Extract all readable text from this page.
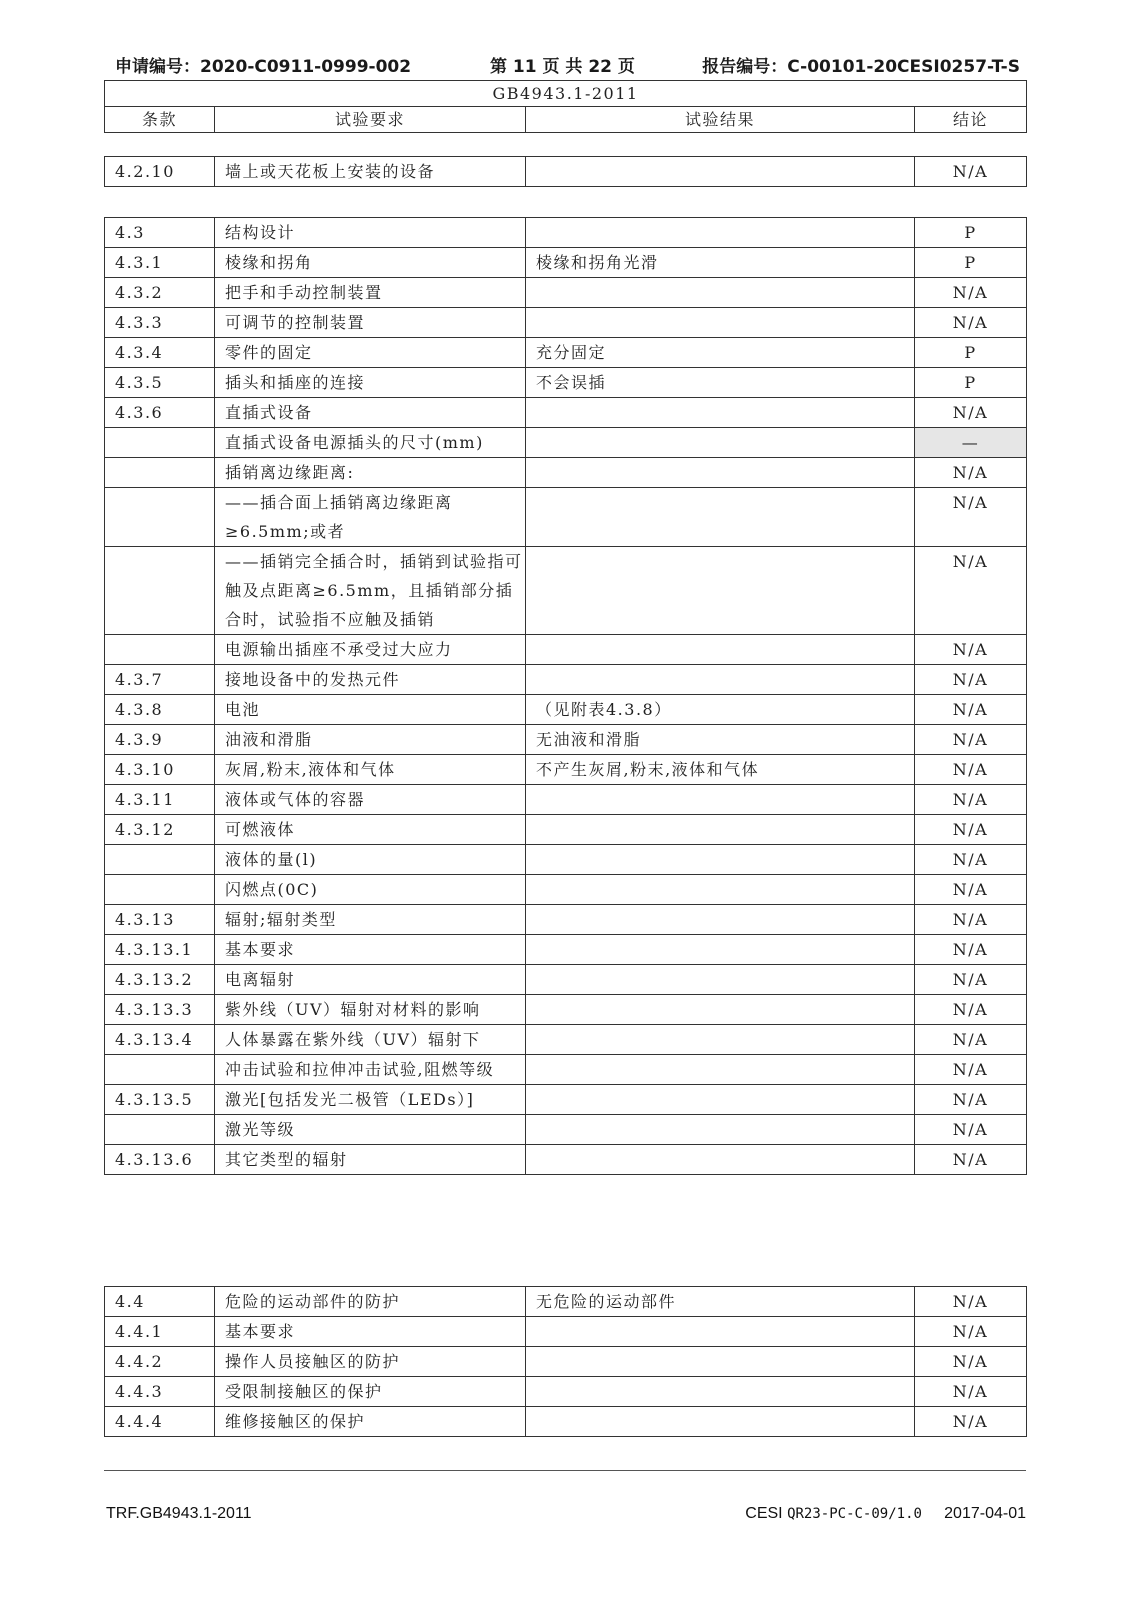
申请编号：2020-C0911-0999-002	第 11 页 共 22 页	报告编号：C-00101-20CESI0257-T-S
GB4943.1-2011
条款	试验要求	试验结果	结论
4.2.10	墙上或天花板上安装的设备		N/A
4.3	结构设计		P
4.3.1	棱缘和拐角	棱缘和拐角光滑	P
4.3.2	把手和手动控制装置		N/A
4.3.3	可调节的控制装置		N/A
4.3.4	零件的固定	充分固定	P
4.3.5	插头和插座的连接	不会误插	P
4.3.6	直插式设备		N/A
	直插式设备电源插头的尺寸(mm)		—
	插销离边缘距离:		N/A
	——插合面上插销离边缘距离≥6.5mm;或者		N/A
	——插销完全插合时，插销到试验指可触及点距离≥6.5mm，且插销部分插合时，试验指不应触及插销		N/A
	电源输出插座不承受过大应力		N/A
4.3.7	接地设备中的发热元件		N/A
4.3.8	电池	（见附表4.3.8）	N/A
4.3.9	油液和滑脂	无油液和滑脂	N/A
4.3.10	灰屑,粉末,液体和气体	不产生灰屑,粉末,液体和气体	N/A
4.3.11	液体或气体的容器		N/A
4.3.12	可燃液体		N/A
	液体的量(l)		N/A
	闪燃点(0C)		N/A
4.3.13	辐射;辐射类型		N/A
4.3.13.1	基本要求		N/A
4.3.13.2	电离辐射		N/A
4.3.13.3	紫外线（UV）辐射对材料的影响		N/A
4.3.13.4	人体暴露在紫外线（UV）辐射下		N/A
	冲击试验和拉伸冲击试验,阻燃等级		N/A
4.3.13.5	激光[包括发光二极管（LEDs）]		N/A
	激光等级		N/A
4.3.13.6	其它类型的辐射		N/A
4.4	危险的运动部件的防护	无危险的运动部件	N/A
4.4.1	基本要求		N/A
4.4.2	操作人员接触区的防护		N/A
4.4.3	受限制接触区的保护		N/A
4.4.4	维修接触区的保护		N/A
TRF.GB4943.1-2011	CESI QR23-PC-C-09/1.0 2017-04-01
